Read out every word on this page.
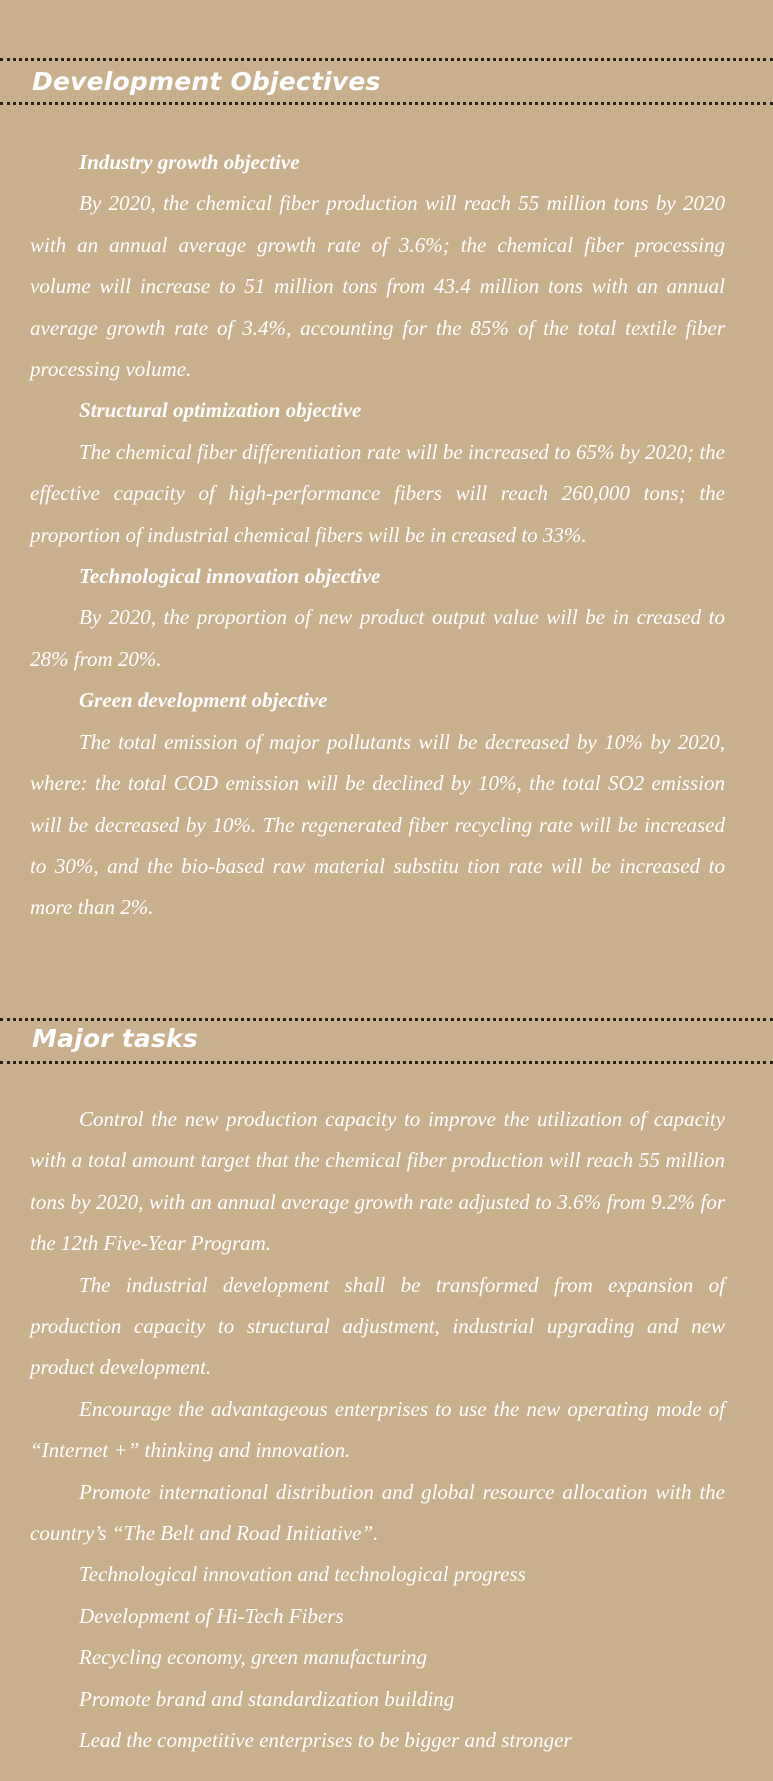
Development Objectives

Industry growth objective

By 2020, the chemical fiber production will reach 55 million tons by 2020 with an annual average growth rate of 3.6%; the chemical fiber processing volume will increase to 51 million tons from 43.4 million tons with an annual average growth rate of 3.4%, accounting for the 85% of the total textile fiber processing volume.

Structural optimization objective

The chemical fiber differentiation rate will be increased to 65% by 2020; the effective capacity of high-performance fibers will reach 260,000 tons; the proportion of industrial chemical fibers will be in creased to 33%.

Technological innovation objective

By 2020, the proportion of new product output value will be in creased to 28% from 20%.

Green development objective

The total emission of major pollutants will be decreased by 10% by 2020, where: the total COD emission will be declined by 10%, the total SO2 emission will be decreased by 10%. The regenerated fiber recycling rate will be increased to 30%, and the bio-based raw material substitu tion rate will be increased to more than 2%.

Major tasks

Control the new production capacity to improve the utilization of capacity with a total amount target that the chemical fiber production will reach 55 million tons by 2020, with an annual average growth rate adjusted to 3.6% from 9.2% for the 12th Five-Year Program.

The industrial development shall be transformed from expansion of production capacity to structural adjustment, industrial upgrading and new product development.

Encourage the advantageous enterprises to use the new operating mode of “Internet +” thinking and innovation.

Promote international distribution and global resource allocation with the country’s “The Belt and Road Initiative”.

Technological innovation and technological progress

Development of Hi-Tech Fibers

Recycling economy, green manufacturing

Promote brand and standardization building

Lead the competitive enterprises to be bigger and stronger
